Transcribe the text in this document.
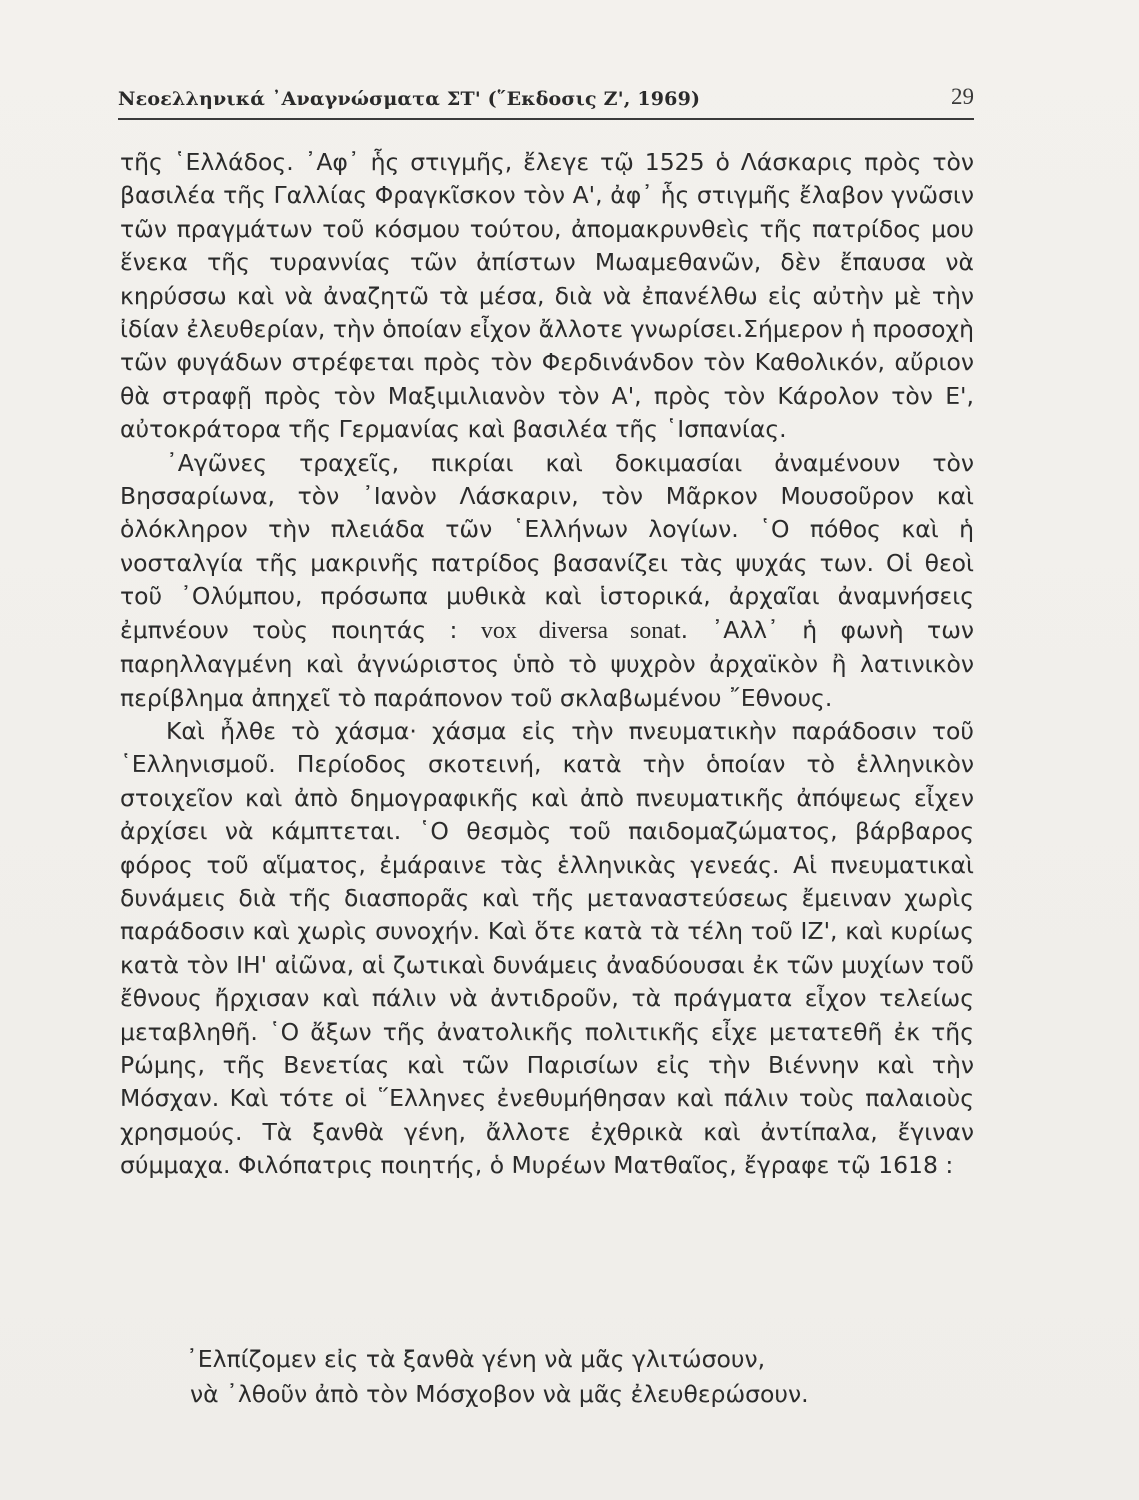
Νεοελληνικά ᾿Αναγνώσματα ΣΤ' (῞Εκδοσις Ζ', 1969)	29

τῆς ῾Ελλάδος. ᾿Αφ᾿ ἧς στιγμῆς, ἔλεγε τῷ 1525 ὁ Λάσκαρις πρὸς τὸν βασιλέα τῆς Γαλλίας Φραγκῖσκον τὸν Α', ἀφ᾿ ἧς στιγμῆς ἔλαβον γνῶσιν τῶν πραγμάτων τοῦ κόσμου τούτου, ἀπομακρυνθεὶς τῆς πατρίδος μου ἕνεκα τῆς τυραννίας τῶν ἀπίστων Μωαμεθανῶν, δὲν ἔπαυσα νὰ κηρύσσω καὶ νὰ ἀναζητῶ τὰ μέσα, διὰ νὰ ἐπανέλθω εἰς αὐτὴν μὲ τὴν ἰδίαν ἐλευθερίαν, τὴν ὁποίαν εἶχον ἄλλοτε γνωρίσει.Σήμερον ἡ προσοχὴ τῶν φυγάδων στρέφεται πρὸς τὸν Φερδινάνδον τὸν Καθολικόν, αὔριον θὰ στραφῇ πρὸς τὸν Μαξιμιλιανὸν τὸν Α', πρὸς τὸν Κάρολον τὸν Ε', αὐτοκράτορα τῆς Γερμανίας καὶ βασιλέα τῆς ῾Ισπανίας.

᾿Αγῶνες τραχεῖς, πικρίαι καὶ δοκιμασίαι ἀναμένουν τὸν Βησσαρίωνα, τὸν ᾿Ιανὸν Λάσκαριν, τὸν Μᾶρκον Μουσοῦρον καὶ ὁλόκληρον τὴν πλειάδα τῶν ῾Ελλήνων λογίων. ῾Ο πόθος καὶ ἡ νοσταλγία τῆς μακρινῆς πατρίδος βασανίζει τὰς ψυχάς των. Οἱ θεοὶ τοῦ ᾿Ολύμπου, πρόσωπα μυθικὰ καὶ ἱστορικά, ἀρχαῖαι ἀναμνήσεις ἐμπνέουν τοὺς ποιητάς : vox diversa sonat. ᾿Αλλ᾿ ἡ φωνὴ των παρηλλαγμένη καὶ ἀγνώριστος ὑπὸ τὸ ψυχρὸν ἀρχαϊκὸν ἢ λατινικὸν περίβλημα ἀπηχεῖ τὸ παράπονον τοῦ σκλαβωμένου ῎Εθνους.

Καὶ ἦλθε τὸ χάσμα· χάσμα εἰς τὴν πνευματικὴν παράδοσιν τοῦ ῾Ελληνισμοῦ. Περίοδος σκοτεινή, κατὰ τὴν ὁποίαν τὸ ἑλληνικὸν στοιχεῖον καὶ ἀπὸ δημογραφικῆς καὶ ἀπὸ πνευματικῆς ἀπόψεως εἶχεν ἀρχίσει νὰ κάμπτεται. ῾Ο θεσμὸς τοῦ παιδομαζώματος, βάρβαρος φόρος τοῦ αἵματος, ἐμάραινε τὰς ἑλληνικὰς γενεάς. Αἱ πνευματικαὶ δυνάμεις διὰ τῆς διασπορᾶς καὶ τῆς μεταναστεύσεως ἔμειναν χωρὶς παράδοσιν καὶ χωρὶς συνοχήν. Καὶ ὅτε κατὰ τὰ τέλη τοῦ ΙΖ', καὶ κυρίως κατὰ τὸν ΙΗ' αἰῶνα, αἱ ζωτικαὶ δυνάμεις ἀναδύουσαι ἐκ τῶν μυχίων τοῦ ἔθνους ἤρχισαν καὶ πάλιν νὰ ἀντιδροῦν, τὰ πράγματα εἶχον τελείως μεταβληθῆ. ῾Ο ἄξων τῆς ἀνατολικῆς πολιτικῆς εἶχε μετατεθῆ ἐκ τῆς Ρώμης, τῆς Βενετίας καὶ τῶν Παρισίων εἰς τὴν Βιέννην καὶ τὴν Μόσχαν. Καὶ τότε οἱ ῞Ελληνες ἐνεθυμήθησαν καὶ πάλιν τοὺς παλαιοὺς χρησμούς. Τὰ ξανθὰ γένη, ἄλλοτε ἐχθρικὰ καὶ ἀντίπαλα, ἔγιναν σύμμαχα. Φιλόπατρις ποιητής, ὁ Μυρέων Ματθαῖος, ἔγραφε τῷ 1618 :

᾿Ελπίζομεν εἰς τὰ ξανθὰ γένη νὰ μᾶς γλιτώσουν,
νὰ ᾿λθοῦν ἀπὸ τὸν Μόσχοβον νὰ μᾶς ἐλευθερώσουν.
